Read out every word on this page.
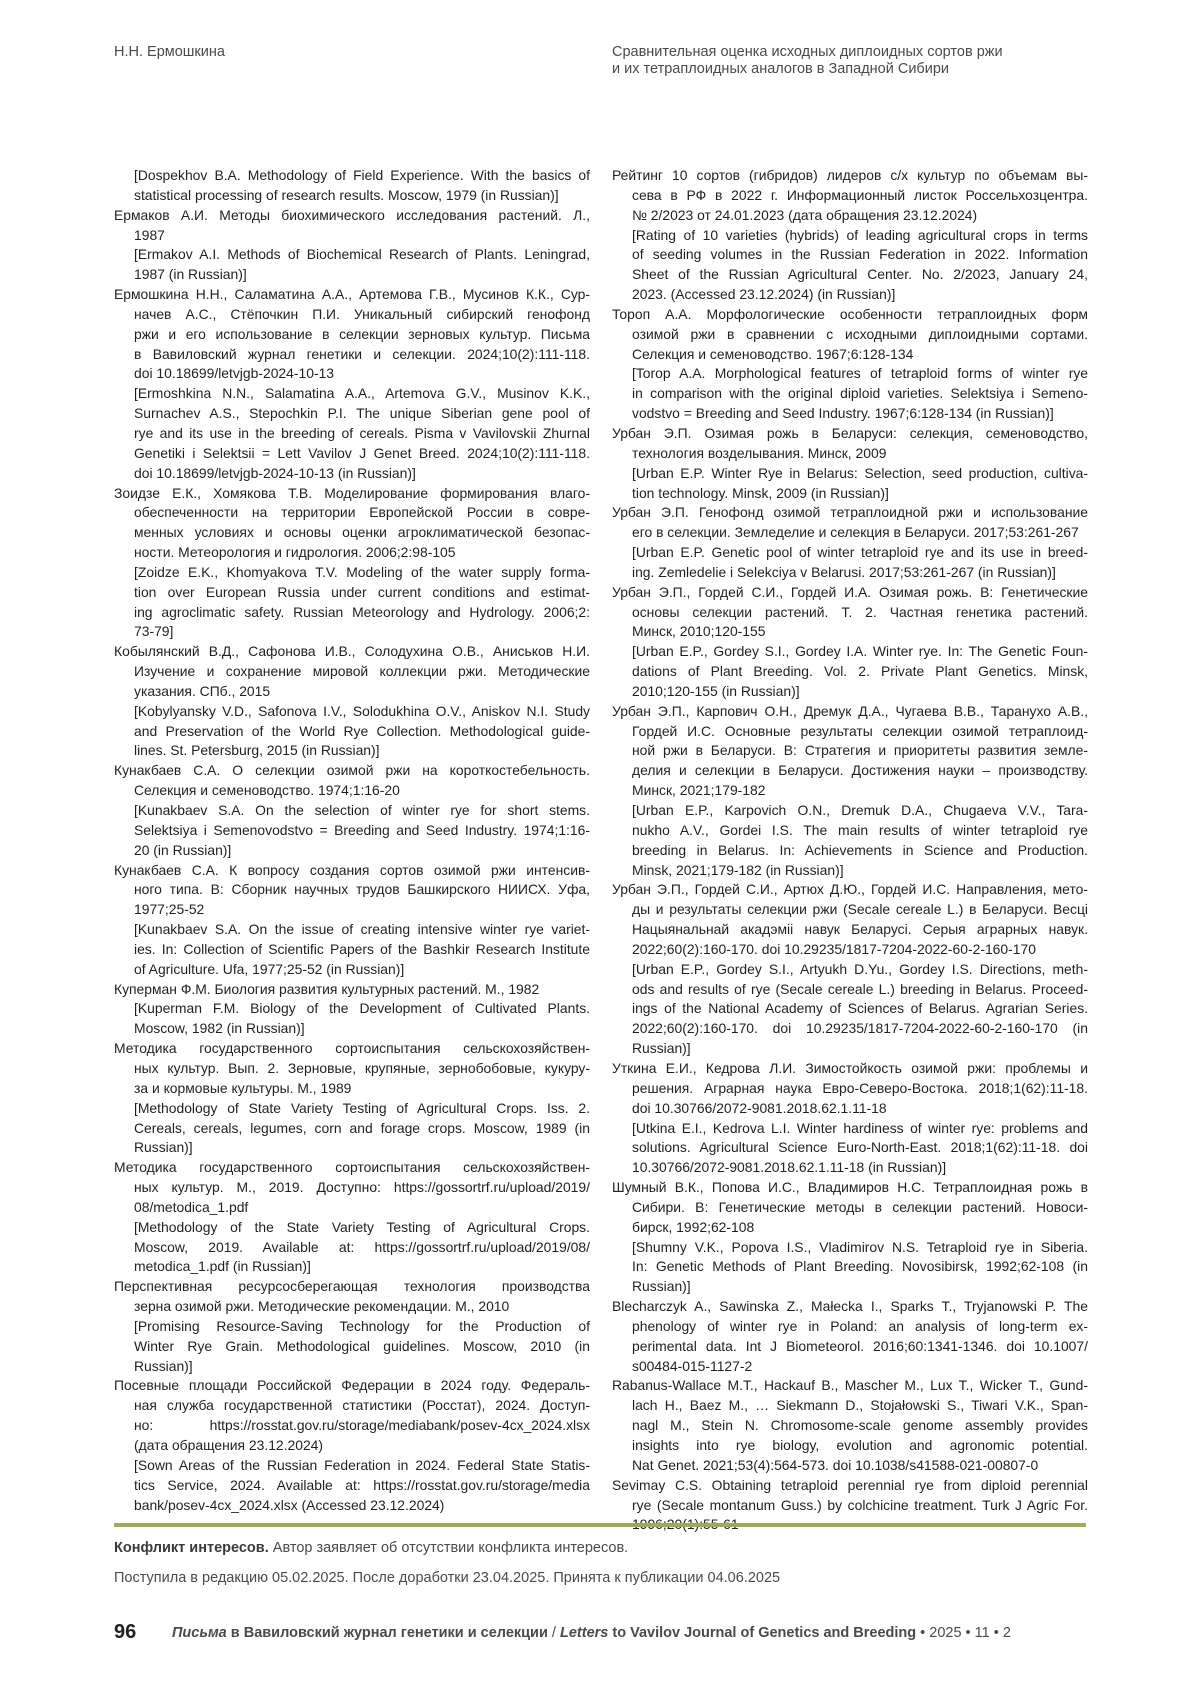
Н.Н. Ермошкина	Сравнительная оценка исходных диплоидных сортов ржи
и их тетраплоидных аналогов в Западной Сибири
[Dospekhov B.A. Methodology of Field Experience. With the basics of
statistical processing of research results. Moscow, 1979 (in Russian)]
Ермаков А.И. Методы биохимического исследования растений. Л.,
1987
[Ermakov A.I. Methods of Biochemical Research of Plants. Leningrad,
1987 (in Russian)]
Ермошкина Н.Н., Саламатина А.А., Артемова Г.В., Мусинов К.К., Сур-
начев А.С., Стёпочкин П.И. Уникальный сибирский генофонд
ржи и его использование в селекции зерновых культур. Письма
в Вавиловский журнал генетики и селекции. 2024;10(2):111-118.
doi 10.18699/letvjgb-2024-10-13
[Ermoshkina N.N., Salamatina A.A., Artemova G.V., Musinov K.K.,
Surnachev A.S., Stepochkin P.I. The unique Siberian gene pool of
rye and its use in the breeding of cereals. Pisma v Vavilovskii Zhurnal
Genetiki i Selektsii = Lett Vavilov J Genet Breed. 2024;10(2):111-118.
doi 10.18699/letvjgb-2024-10-13 (in Russian)]
Зоидзе Е.К., Хомякова Т.В. Моделирование формирования влаго-
обеспеченности на территории Европейской России в совре-
менных условиях и основы оценки агроклиматической безопас-
ности. Метеорология и гидрология. 2006;2:98-105
[Zoidze E.K., Khomyakova T.V. Modeling of the water supply forma-
tion over European Russia under current conditions and estimat-
ing agroclimatic safety. Russian Meteorology and Hydrology. 2006;2:
73-79]
Кобылянский В.Д., Сафонова И.В., Солодухина О.В., Аниськов Н.И.
Изучение и сохранение мировой коллекции ржи. Методические
указания. СПб., 2015
[Kobylyansky V.D., Safonova I.V., Solodukhina O.V., Aniskov N.I. Study
and Preservation of the World Rye Collection. Methodological guide-
lines. St. Petersburg, 2015 (in Russian)]
Кунакбаев С.А. О селекции озимой ржи на короткостебельность.
Селекция и семеноводство. 1974;1:16-20
[Kunakbaev S.A. On the selection of winter rye for short stems.
Selektsiya i Semenovodstvo = Breeding and Seed Industry. 1974;1:16-
20 (in Russian)]
Кунакбаев С.А. К вопросу создания сортов озимой ржи интенсив-
ного типа. В: Сборник научных трудов Башкирского НИИСХ. Уфа,
1977;25-52
[Kunakbaev S.A. On the issue of creating intensive winter rye variet-
ies. In: Collection of Scientific Papers of the Bashkir Research Institute
of Agriculture. Ufa, 1977;25-52 (in Russian)]
Куперман Ф.М. Биология развития культурных растений. М., 1982
[Kuperman F.M. Biology of the Development of Cultivated Plants.
Moscow, 1982 (in Russian)]
Методика государственного сортоиспытания сельскохозяйствен-
ных культур. Вып. 2. Зерновые, крупяные, зернобобовые, кукуру-
за и кормовые культуры. М., 1989
[Methodology of State Variety Testing of Agricultural Crops. Iss. 2.
Cereals, cereals, legumes, corn and forage crops. Moscow, 1989 (in
Russian)]
Методика государственного сортоиспытания сельскохозяйствен-
ных культур. М., 2019. Доступно: https://gossortrf.ru/upload/2019/
08/metodica_1.pdf
[Methodology of the State Variety Testing of Agricultural Crops.
Moscow, 2019. Available at: https://gossortrf.ru/upload/2019/08/
metodica_1.pdf (in Russian)]
Перспективная ресурсосберегающая технология производства
зерна озимой ржи. Методические рекомендации. М., 2010
[Promising Resource-Saving Technology for the Production of
Winter Rye Grain. Methodological guidelines. Moscow, 2010 (in
Russian)]
Посевные площади Российской Федерации в 2024 году. Федераль-
ная служба государственной статистики (Росстат), 2024. Доступ-
но: https://rosstat.gov.ru/storage/mediabank/posev-4сх_2024.xlsx
(дата обращения 23.12.2024)
[Sown Areas of the Russian Federation in 2024. Federal State Statis-
tics Service, 2024. Available at: https://rosstat.gov.ru/storage/media
bank/posev-4сх_2024.xlsx (Accessed 23.12.2024)
Рейтинг 10 сортов (гибридов) лидеров с/х культур по объемам вы-
сева в РФ в 2022 г. Информационный листок Россельхозцентра.
№ 2/2023 от 24.01.2023 (дата обращения 23.12.2024)
[Rating of 10 varieties (hybrids) of leading agricultural crops in terms
of seeding volumes in the Russian Federation in 2022. Information
Sheet of the Russian Agricultural Center. No. 2/2023, January 24,
2023. (Accessed 23.12.2024) (in Russian)]
Тороп А.А. Морфологические особенности тетраплоидных форм
озимой ржи в сравнении с исходными диплоидными сортами.
Селекция и семеноводство. 1967;6:128-134
[Torop A.A. Morphological features of tetraploid forms of winter rye
in comparison with the original diploid varieties. Selektsiya i Semeno-
vodstvo = Breeding and Seed Industry. 1967;6:128-134 (in Russian)]
Урбан Э.П. Озимая рожь в Беларуси: селекция, семеноводство,
технология возделывания. Минск, 2009
[Urban E.P. Winter Rye in Belarus: Selection, seed production, cultiva-
tion technology. Minsk, 2009 (in Russian)]
Урбан Э.П. Генофонд озимой тетраплоидной ржи и использование
его в селекции. Земледелие и селекция в Беларуси. 2017;53:261-267
[Urban E.P. Genetic pool of winter tetraploid rye and its use in breed-
ing. Zemledelie i Selekciya v Belarusi. 2017;53:261-267 (in Russian)]
Урбан Э.П., Гордей С.И., Гордей И.А. Озимая рожь. В: Генетические
основы селекции растений. Т. 2. Частная генетика растений.
Минск, 2010;120-155
[Urban E.P., Gordey S.I., Gordey I.A. Winter rye. In: The Genetic Foun-
dations of Plant Breeding. Vol. 2. Private Plant Genetics. Minsk,
2010;120-155 (in Russian)]
Урбан Э.П., Карпович О.Н., Дремук Д.А., Чугаева В.В., Таранухо А.В.,
Гордей И.С. Основные результаты селекции озимой тетраплоид-
ной ржи в Беларуси. В: Стратегия и приоритеты развития земле-
делия и селекции в Беларуси. Достижения науки – производству.
Минск, 2021;179-182
[Urban E.P., Karpovich O.N., Dremuk D.A., Chugaeva V.V., Tara-
nukho A.V., Gordei I.S. The main results of winter tetraploid rye
breeding in Belarus. In: Achievements in Science and Production.
Minsk, 2021;179-182 (in Russian)]
Урбан Э.П., Гордей С.И., Артюх Д.Ю., Гордей И.С. Направления, мето-
ды и результаты селекции ржи (Secale cereale L.) в Беларуси. Весці
Нацыянальнай акадэміі навук Беларусі. Серыя аграрных навук.
2022;60(2):160-170. doi 10.29235/1817-7204-2022-60-2-160-170
[Urban E.P., Gordey S.I., Artyukh D.Yu., Gordey I.S. Directions, meth-
ods and results of rye (Secale cereale L.) breeding in Belarus. Proceed-
ings of the National Academy of Sciences of Belarus. Agrarian Series.
2022;60(2):160-170. doi 10.29235/1817-7204-2022-60-2-160-170 (in
Russian)]
Уткина Е.И., Кедрова Л.И. Зимостойкость озимой ржи: проблемы и
решения. Аграрная наука Евро-Северо-Востока. 2018;1(62):11-18.
doi 10.30766/2072-9081.2018.62.1.11-18
[Utkina E.I., Kedrova L.I. Winter hardiness of winter rye: problems and
solutions. Agricultural Science Euro-North-East. 2018;1(62):11-18. doi
10.30766/2072-9081.2018.62.1.11-18 (in Russian)]
Шумный В.К., Попова И.С., Владимиров Н.С. Тетраплоидная рожь в
Сибири. В: Генетические методы в селекции растений. Новоси-
бирск, 1992;62-108
[Shumny V.K., Popova I.S., Vladimirov N.S. Tetraploid rye in Siberia.
In: Genetic Methods of Plant Breeding. Novosibirsk, 1992;62-108 (in
Russian)]
Blecharczyk A., Sawinska Z., Małecka I., Sparks T., Tryjanowski P. The
phenology of winter rye in Poland: an analysis of long-term ex-
perimental data. Int J Biometeorol. 2016;60:1341-1346. doi 10.1007/
s00484-015-1127-2
Rabanus-Wallace M.T., Hackauf B., Mascher M., Lux T., Wicker T., Gund-
lach H., Baez M., … Siekmann D., Stojałowski S., Tiwari V.K., Span-
nagl M., Stein N. Chromosome-scale genome assembly provides
insights into rye biology, evolution and agronomic potential.
Nat Genet. 2021;53(4):564-573. doi 10.1038/s41588-021-00807-0
Sevimay C.S. Obtaining tetraploid perennial rye from diploid perennial
rye (Secale montanum Guss.) by colchicine treatment. Turk J Agric For.
Конфликт интересов. Автор заявляет об отсутствии конфликта интересов.
Поступила в редакцию 05.02.2025. После доработки 23.04.2025. Принята к публикации 04.06.2025
96 Письма в Вавиловский журнал генетики и селекции / Letters to Vavilov Journal of Genetics and Breeding • 2025 • 11 • 2
